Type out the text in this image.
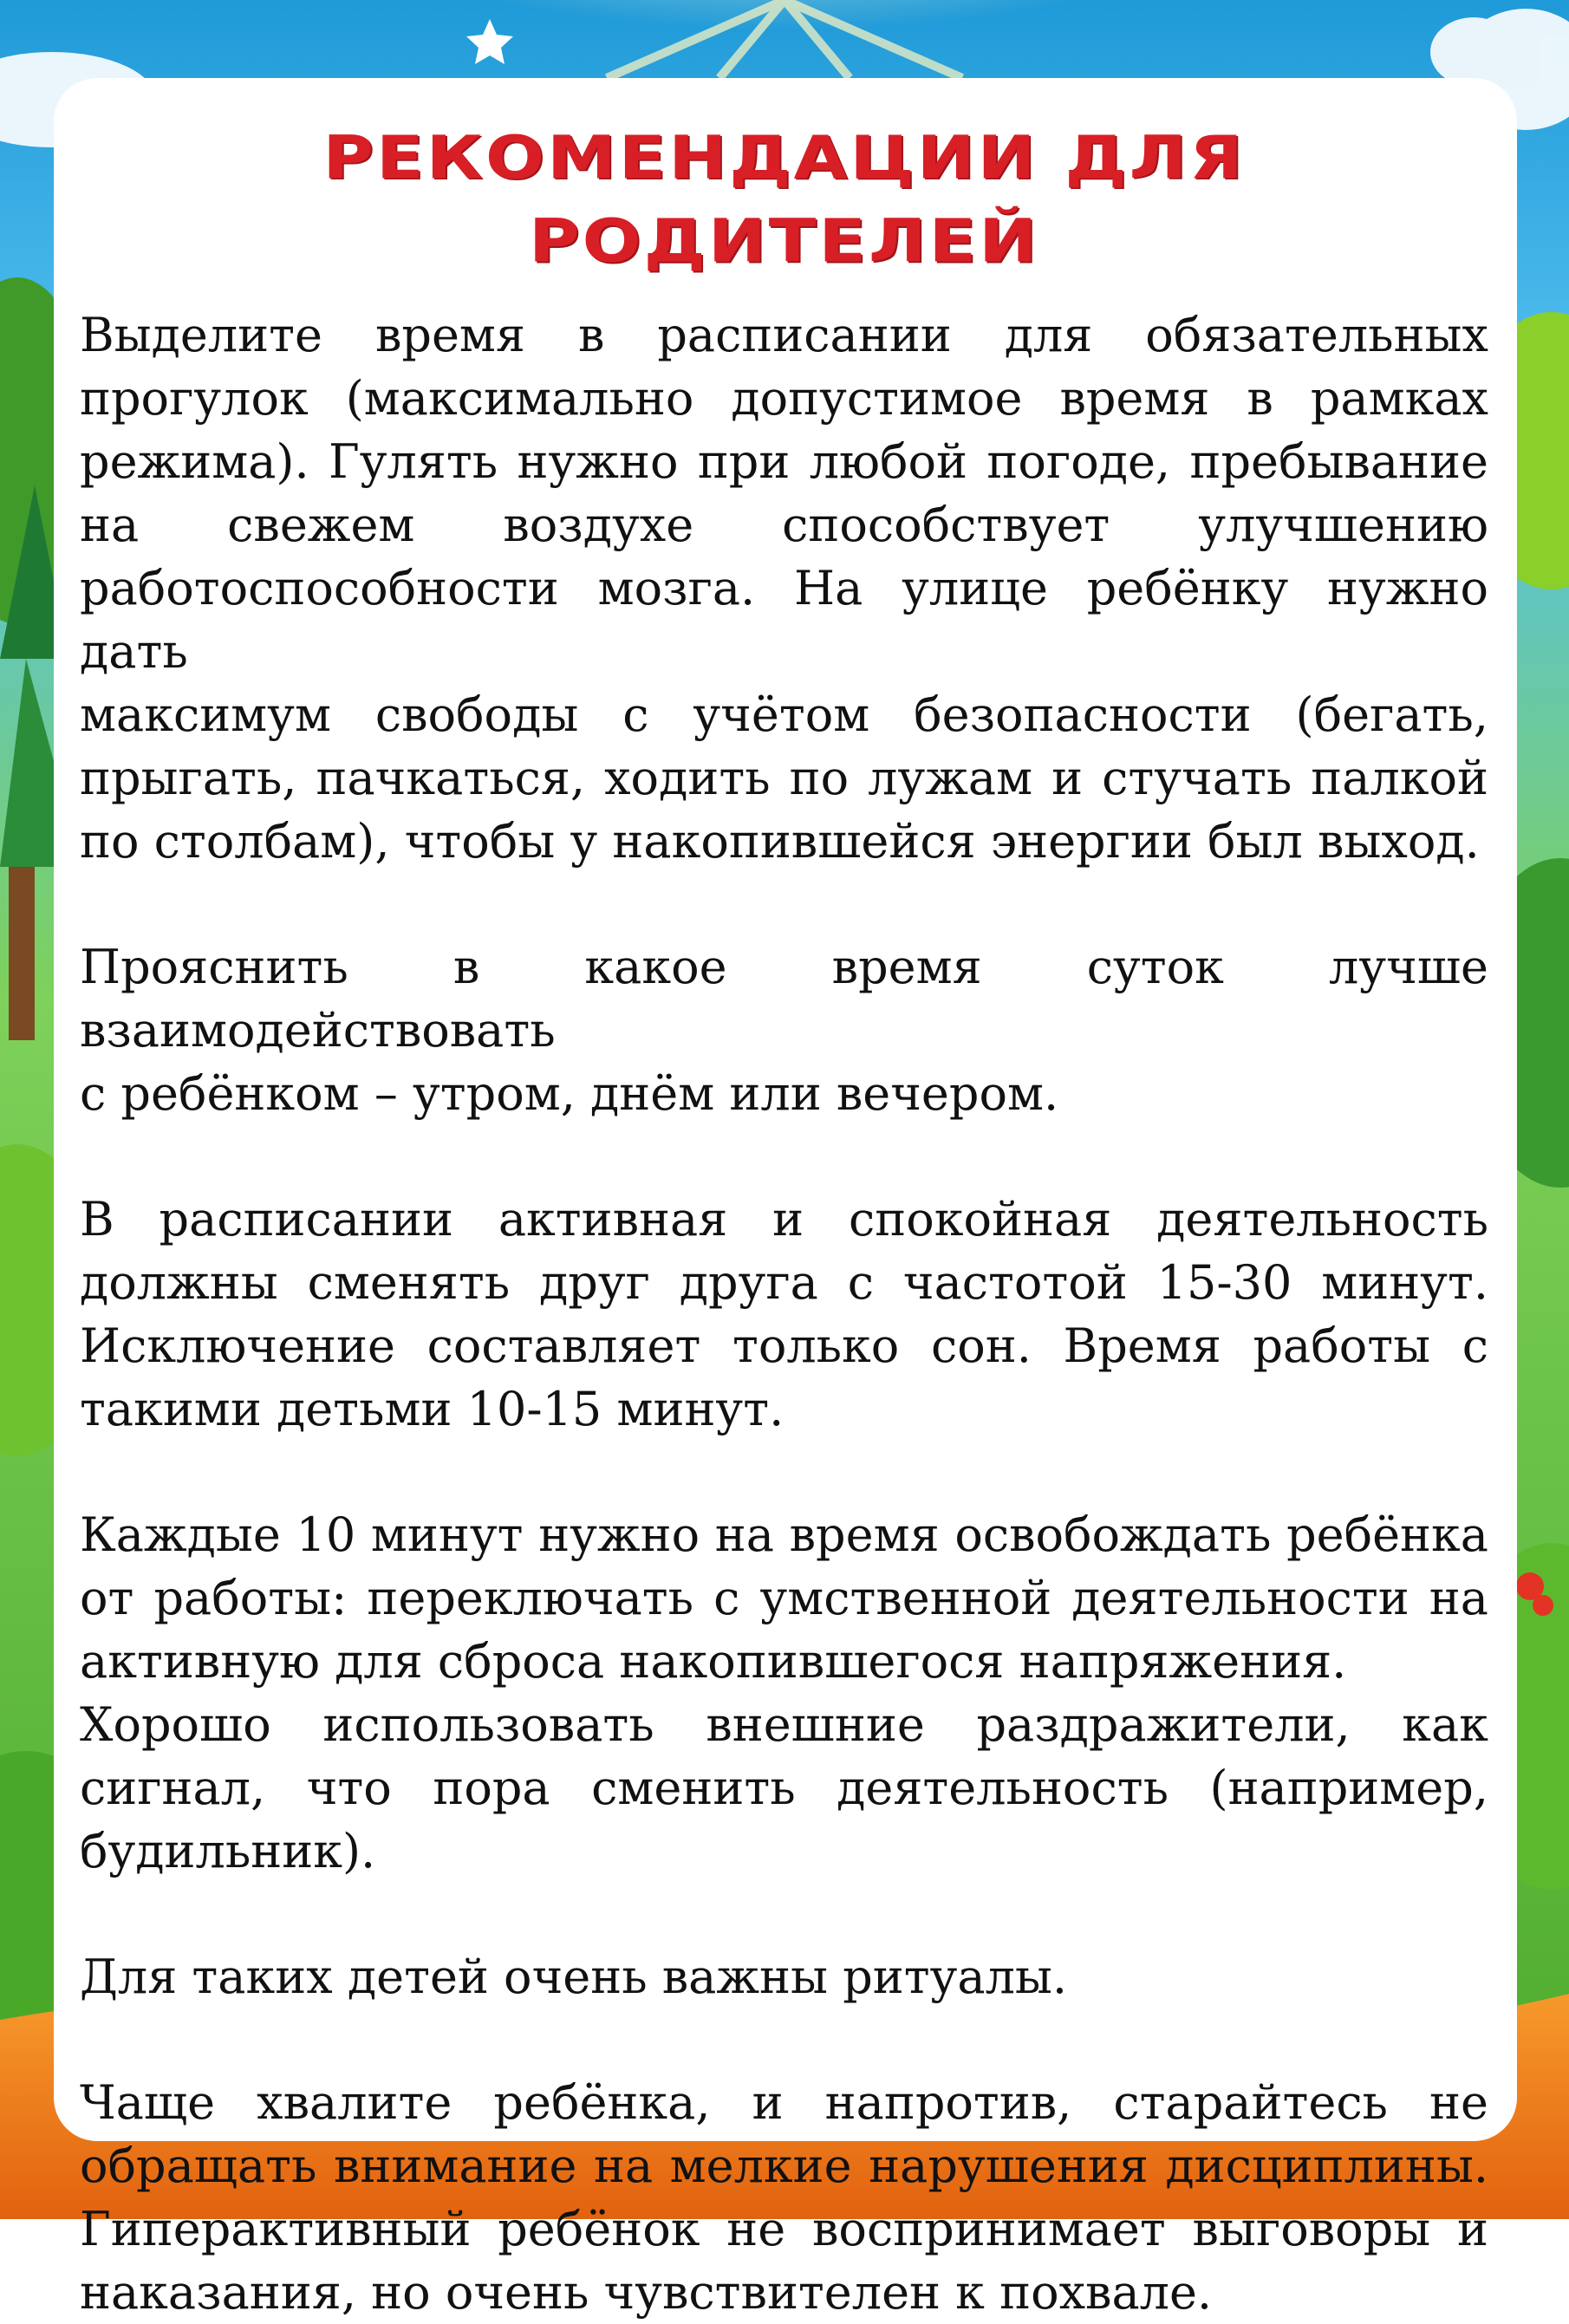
РЕКОМЕНДАЦИИ ДЛЯ РОДИТЕЛЕЙ

Выделите время в расписании для обязательных
прогулок (максимально допустимое время в рамках
режима). Гулять нужно при любой погоде, пребывание
на свежем воздухе способствует улучшению
работоспособности мозга. На улице ребёнку нужно дать
максимум свободы с учётом безопасности (бегать,
прыгать, пачкаться, ходить по лужам и стучать палкой
по столбам), чтобы у накопившейся энергии был выход.

Прояснить в какое время суток лучше взаимодействовать
с ребёнком – утром, днём или вечером.

В расписании активная и спокойная деятельность
должны сменять друг друга с частотой 15-30 минут.
Исключение составляет только сон. Время работы с
такими детьми 10-15 минут.

Каждые 10 минут нужно на время освобождать ребёнка
от работы: переключать с умственной деятельности на
активную для сброса накопившегося напряжения.
Хорошо использовать внешние раздражители, как
сигнал, что пора сменить деятельность (например,
будильник).

Для таких детей очень важны ритуалы.

Чаще хвалите ребёнка, и напротив, старайтесь не
обращать внимание на мелкие нарушения дисциплины.
Гиперактивный ребёнок не воспринимает выговоры и
наказания, но очень чувствителен к похвале.
